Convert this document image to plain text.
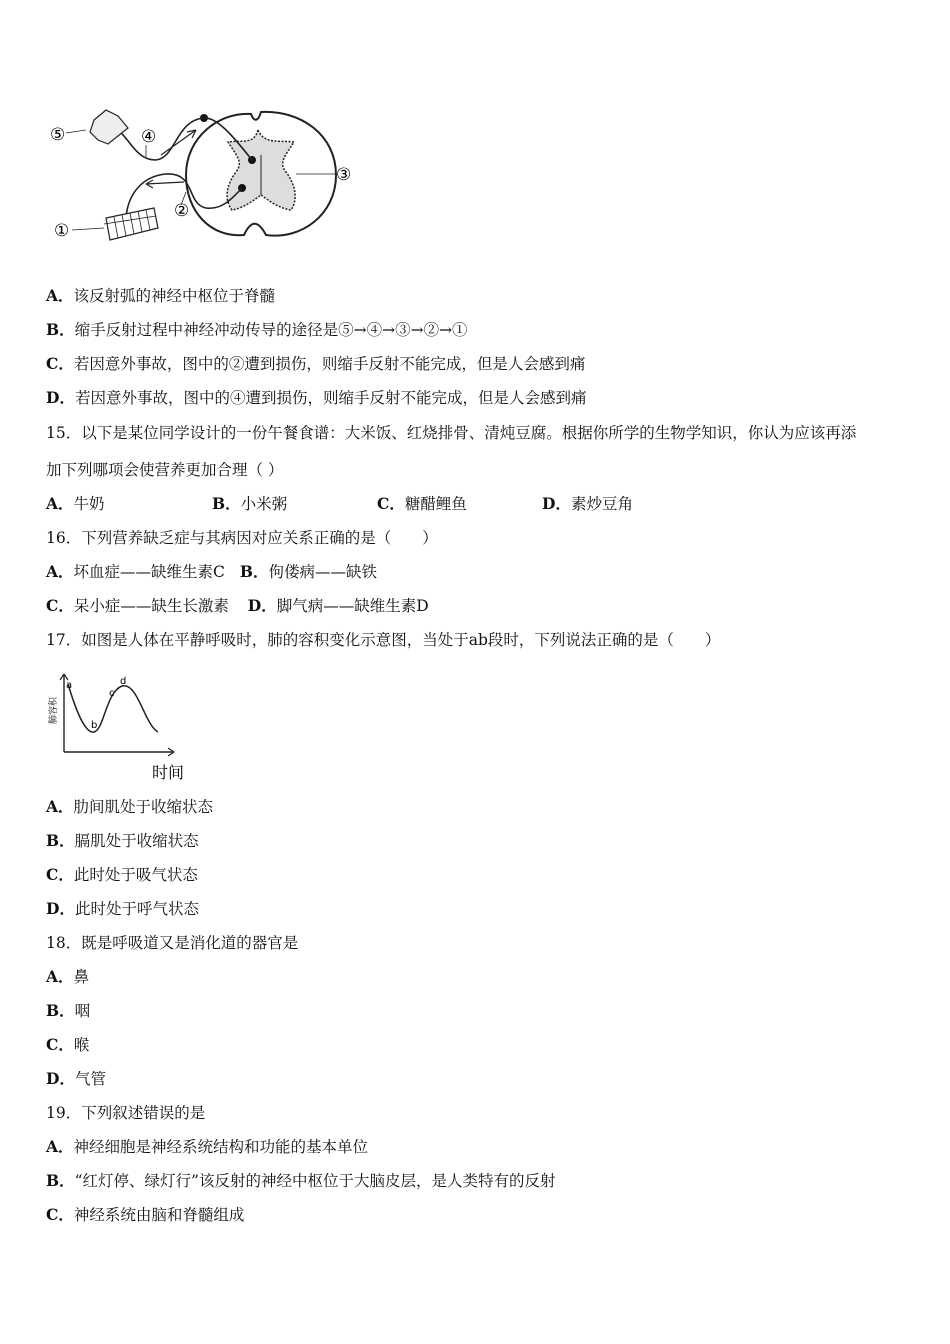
⑤	④
③
②
①
A．该反射弧的神经中枢位于脊髓
B．缩手反射过程中神经冲动传导的途径是⑤→④→③→②→①
C．若因意外事故，图中的②遭到损伤，则缩手反射不能完成，但是人会感到痛
D．若因意外事故，图中的④遭到损伤，则缩手反射不能完成，但是人会感到痛
15．以下是某位同学设计的一份午餐食谱：大米饭、红烧排骨、清炖豆腐。根据你所学的生物学知识，你认为应该再添
加下列哪项会使营养更加合理（ ）
A．牛奶	B．小米粥	C．糖醋鲤鱼	D．素炒豆角
16．下列营养缺乏症与其病因对应关系正确的是（　　）
A．坏血症——缺维生素C B．佝偻病——缺铁
C．呆小症——缺生长激素 D．脚气病——缺维生素D
17．如图是人体在平静呼吸时，肺的容积变化示意图，当处于ab段时，下列说法正确的是（　　）
肺容积
a
b
c
d
时间
A．肋间肌处于收缩状态
B．膈肌处于收缩状态
C．此时处于吸气状态
D．此时处于呼气状态
18．既是呼吸道又是消化道的器官是
A．鼻
B．咽
C．喉
D．气管
19．下列叙述错误的是
A．神经细胞是神经系统结构和功能的基本单位
B．“红灯停、绿灯行”该反射的神经中枢位于大脑皮层，是人类特有的反射
C．神经系统由脑和脊髓组成
